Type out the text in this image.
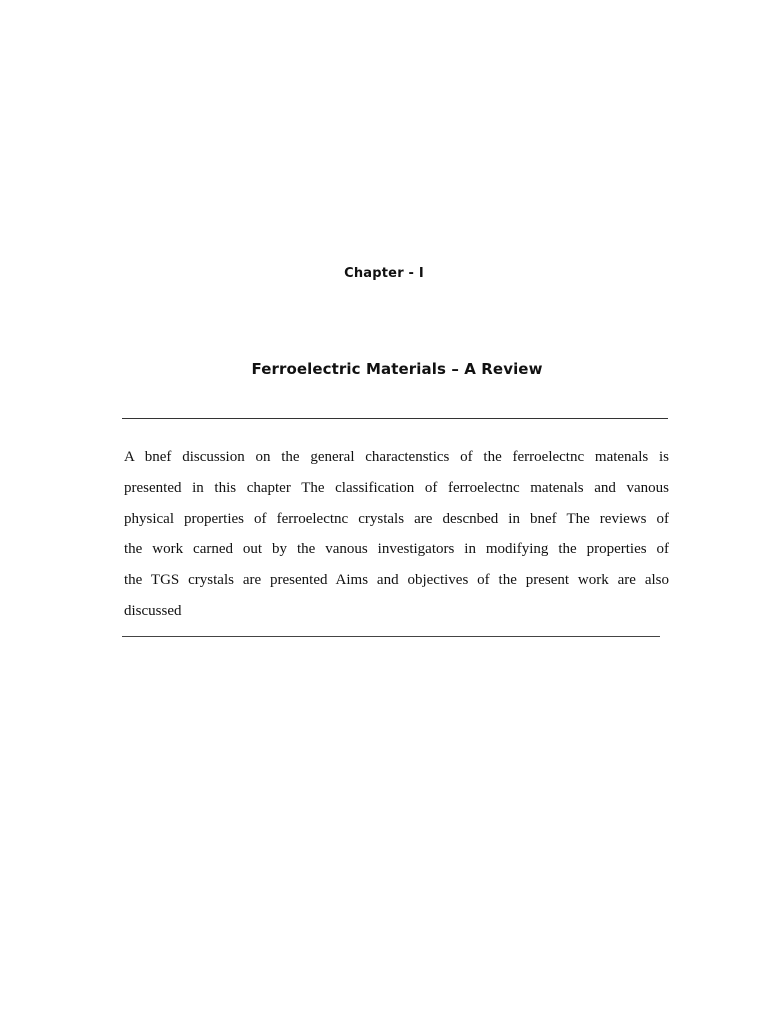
Chapter - I
Ferroelectric Materials – A Review

A bnef discussion on the general charactenstics of the ferroelectnc matenals is
presented in this chapter The classification of ferroelectnc matenals and vanous
physical properties of ferroelectnc crystals are descnbed in bnef The reviews of
the work carned out by the vanous investigators in modifying the properties of
the TGS crystals are presented Aims and objectives of the present work are also
discussed
